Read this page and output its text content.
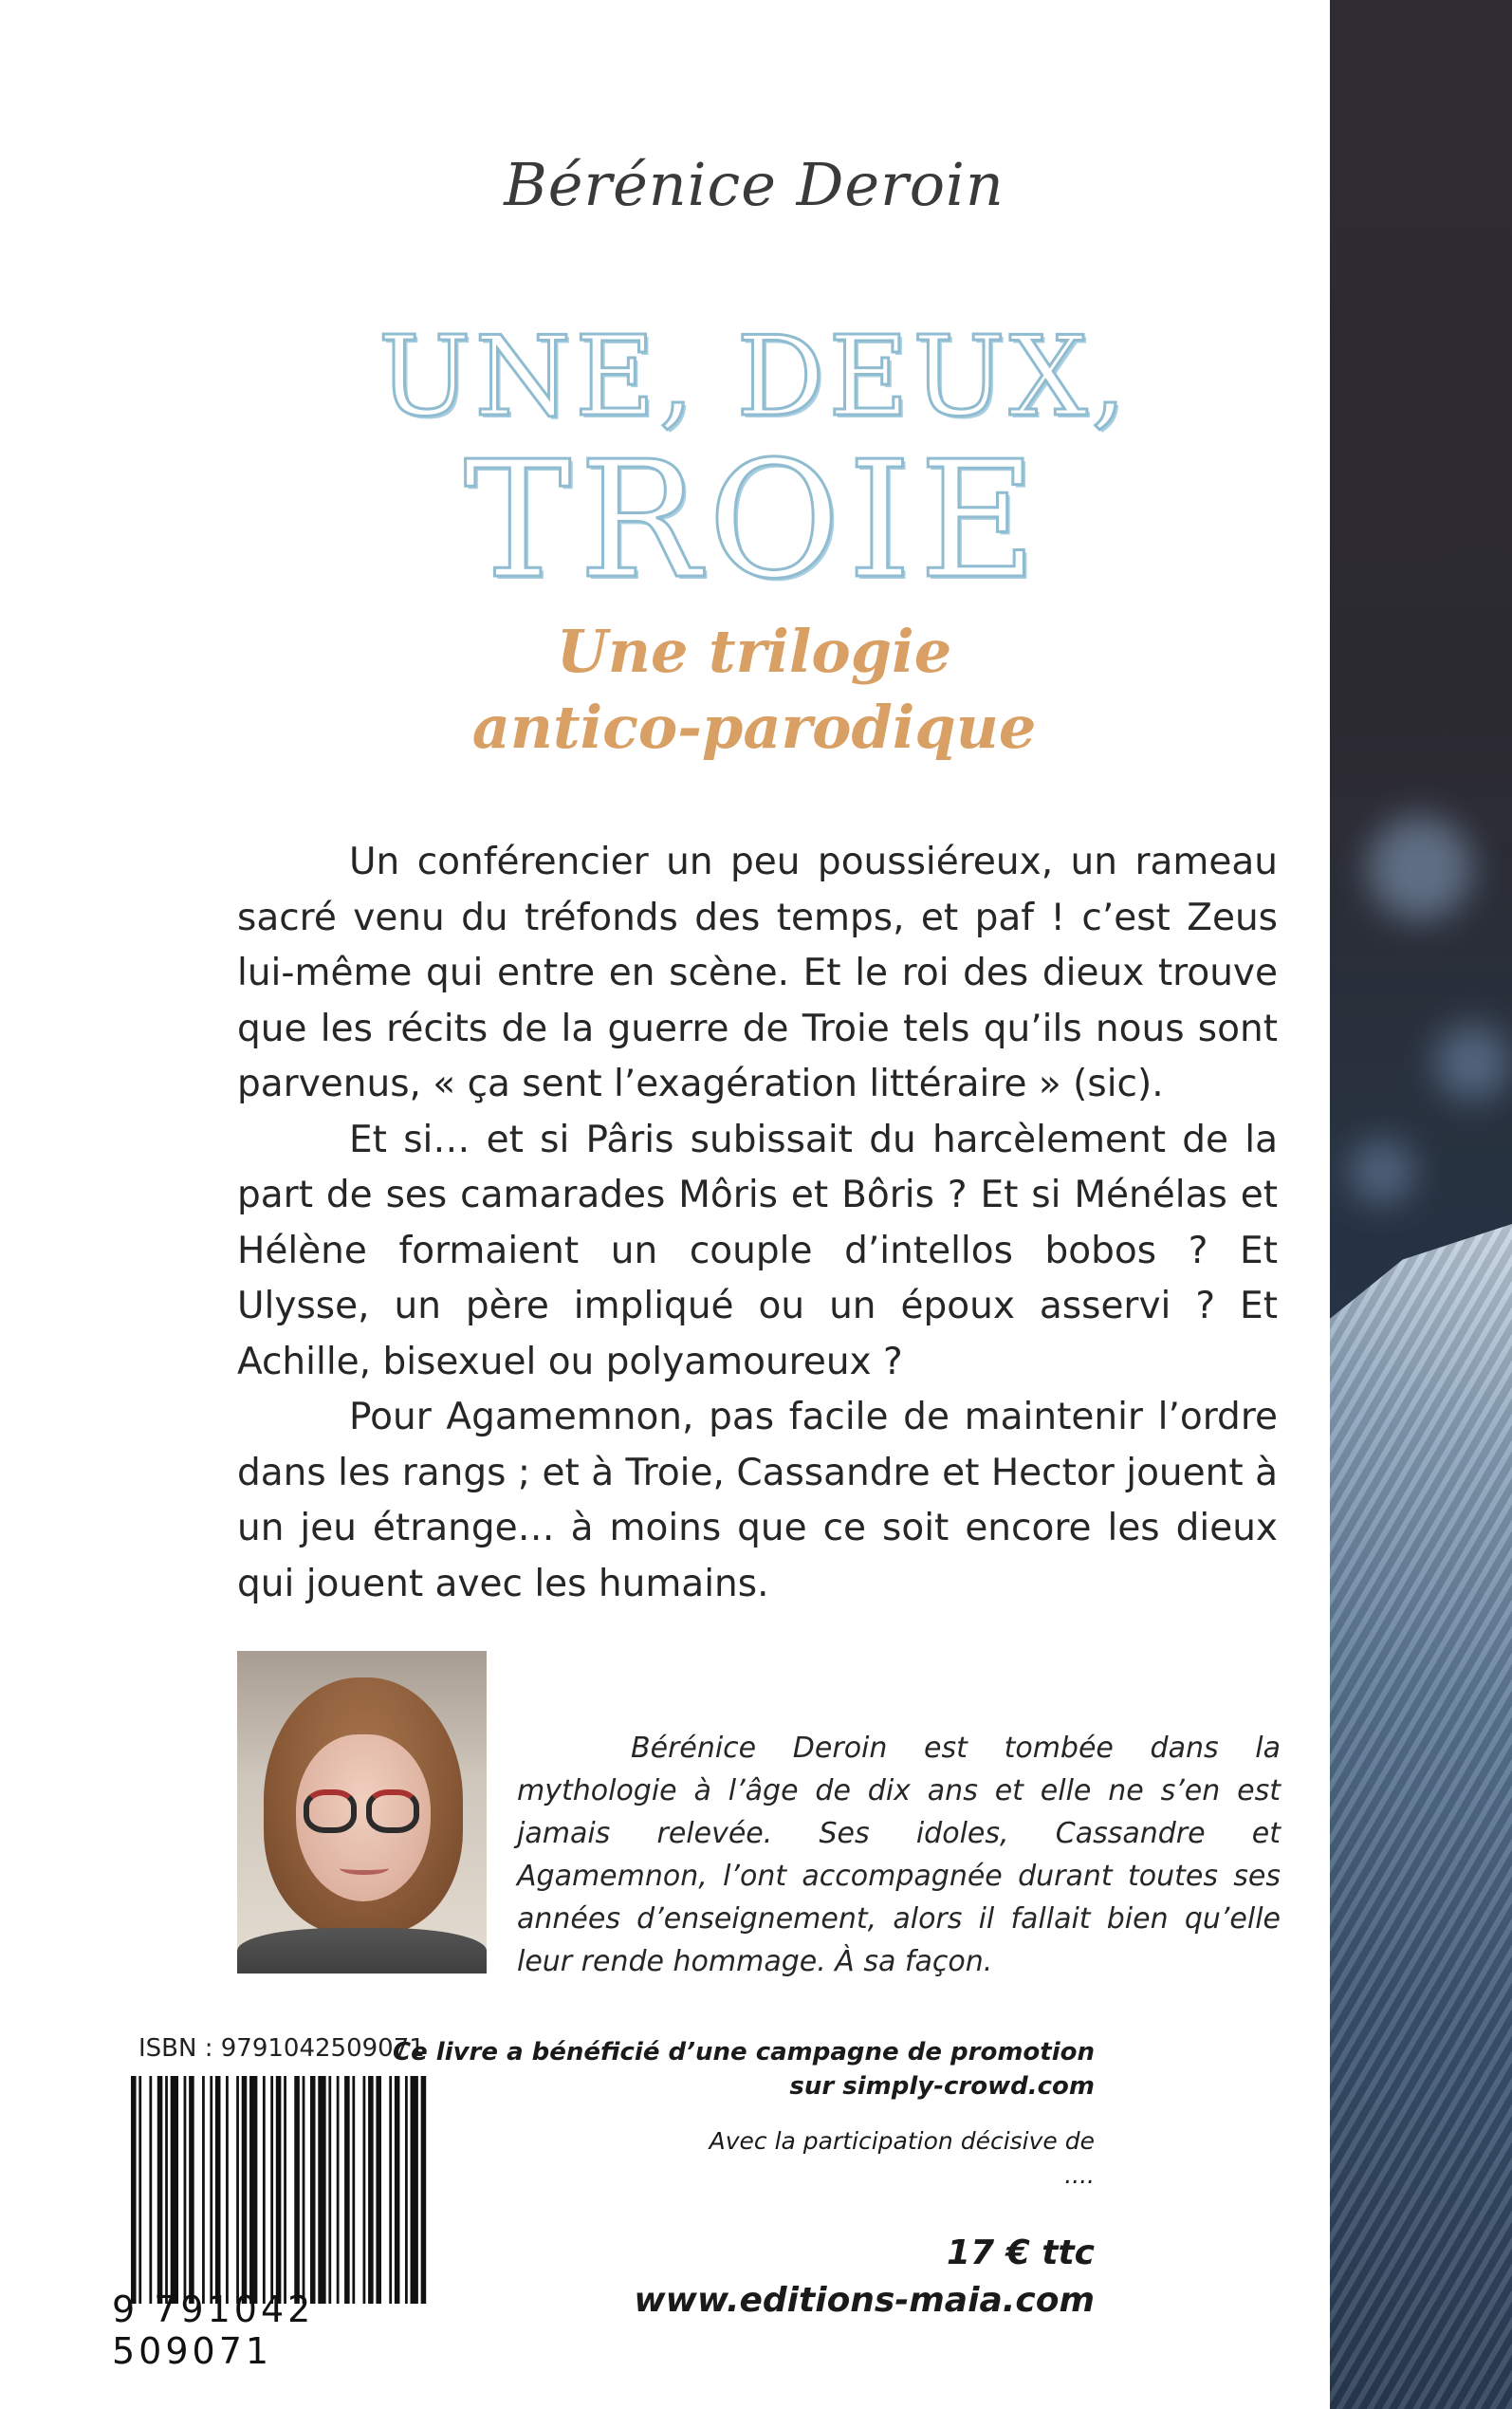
Bérénice Deroin
UNE, DEUX,
TROIE
Une trilogie
antico-parodique

Un conférencier un peu poussiéreux, un rameau sacré venu du tréfonds des temps, et paf ! c’est Zeus lui-même qui entre en scène. Et le roi des dieux trouve que les récits de la guerre de Troie tels qu’ils nous sont parvenus, « ça sent l’exagération littéraire » (sic).

Et si… et si Pâris subissait du harcèlement de la part de ses camarades Môris et Bôris ? Et si Ménélas et Hélène formaient un couple d’intellos bobos ? Et Ulysse, un père impliqué ou un époux asservi ? Et Achille, bisexuel ou polyamoureux ?

Pour Agamemnon, pas facile de maintenir l’ordre dans les rangs ; et à Troie, Cassandre et Hector jouent à un jeu étrange… à moins que ce soit encore les dieux qui jouent avec les humains.

Bérénice Deroin est tombée dans la mythologie à l’âge de dix ans et elle ne s’en est jamais relevée. Ses idoles, Cassandre et Agamemnon, l’ont accompagnée durant toutes ses années d’enseignement, alors il fallait bien qu’elle leur rende hommage. À sa façon.
ISBN : 9791042509071
9 791042 509071
Ce livre a bénéficié d’une campagne de promotion
sur simply-crowd.com
Avec la participation décisive de
....
17 € ttc
www.editions-maia.com
